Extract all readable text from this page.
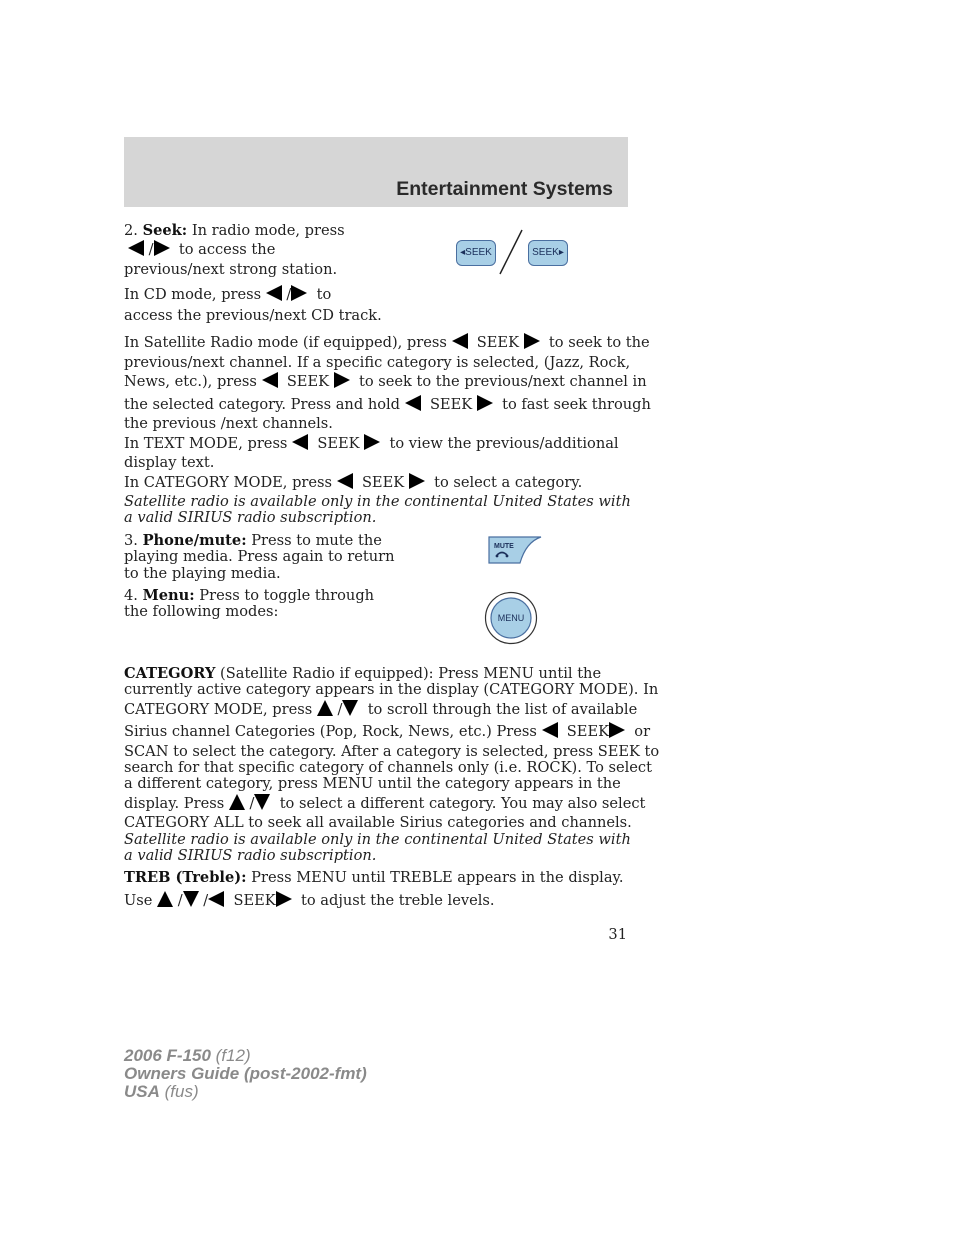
Entertainment Systems
2. Seek: In radio mode, press
/ to access the
previous/next strong station.
In CD mode, press / to
access the previous/next CD track.
◂SEEK	SEEK▸
In Satellite Radio mode (if equipped), press SEEK to seek to the
previous/next channel. If a specific category is selected, (Jazz, Rock,
News, etc.), press SEEK to seek to the previous/next channel in
the selected category. Press and hold SEEK to fast seek through
the previous /next channels.
In TEXT MODE, press SEEK to view the previous/additional
display text.
In CATEGORY MODE, press SEEK to select a category.
Satellite radio is available only in the continental United States with
a valid SIRIUS radio subscription.
3. Phone/mute: Press to mute the
playing media. Press again to return
to the playing media.
MUTE
4. Menu: Press to toggle through
the following modes:	MENU
CATEGORY (Satellite Radio if equipped): Press MENU until the
currently active category appears in the display (CATEGORY MODE). In
CATEGORY MODE, press  / to scroll through the list of available
Sirius channel Categories (Pop, Rock, News, etc.) Press SEEK or
SCAN to select the category. After a category is selected, press SEEK to
search for that specific category of channels only (i.e. ROCK). To select
a different category, press MENU until the category appears in the
display. Press  / to select a different category. You may also select
CATEGORY ALL to seek all available Sirius categories and channels.
Satellite radio is available only in the continental United States with
a valid SIRIUS radio subscription.
TREB (Treble): Press MENU until TREBLE appears in the display.
Use  / / SEEK to adjust the treble levels.
31
2006 F-150 (f12)
Owners Guide (post-2002-fmt)
USA (fus)
